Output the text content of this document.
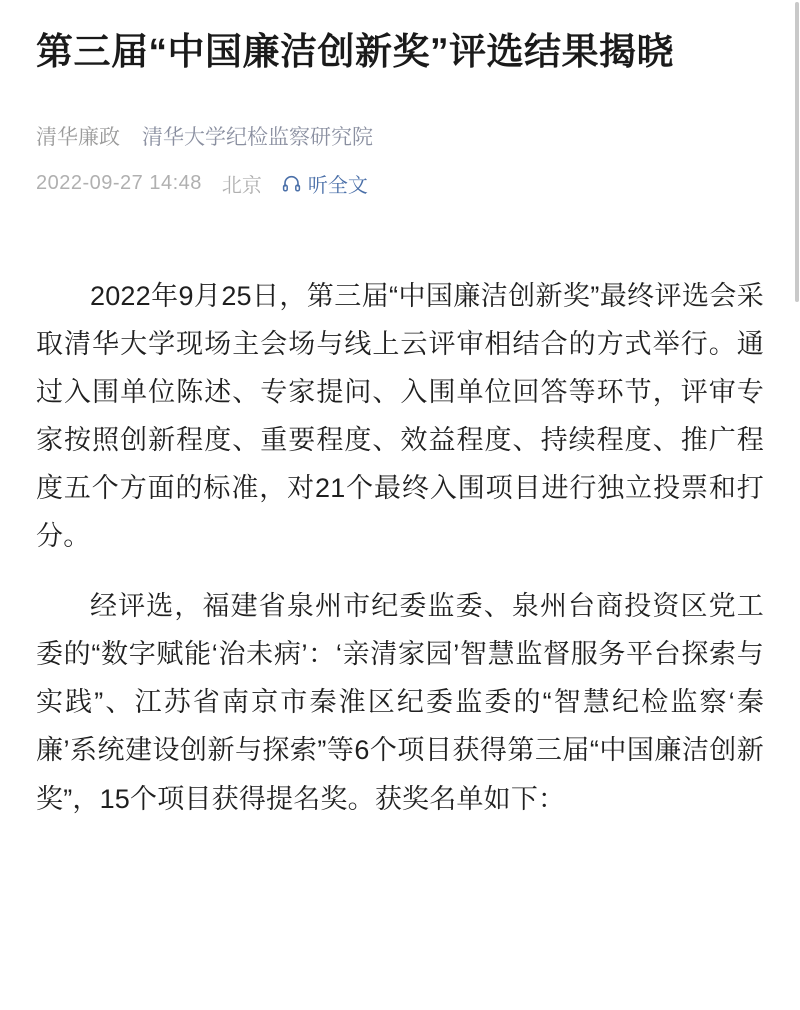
第三届“中国廉洁创新奖”评选结果揭晓
清华廉政 清华大学纪检监察研究院
2022-09-27 14:48 北京 听全文

2022年9月25日，第三届“中国廉洁创新奖”最终评选会采取清华大学现场主会场与线上云评审相结合的方式举行。通过入围单位陈述、专家提问、入围单位回答等环节，评审专家按照创新程度、重要程度、效益程度、持续程度、推广程度五个方面的标准，对21个最终入围项目进行独立投票和打分。

经评选，福建省泉州市纪委监委、泉州台商投资区党工委的“数字赋能‘治未病’：‘亲清家园’智慧监督服务平台探索与实践”、江苏省南京市秦淮区纪委监委的“智慧纪检监察‘秦廉’系统建设创新与探索”等6个项目获得第三届“中国廉洁创新奖”，15个项目获得提名奖。获奖名单如下：
